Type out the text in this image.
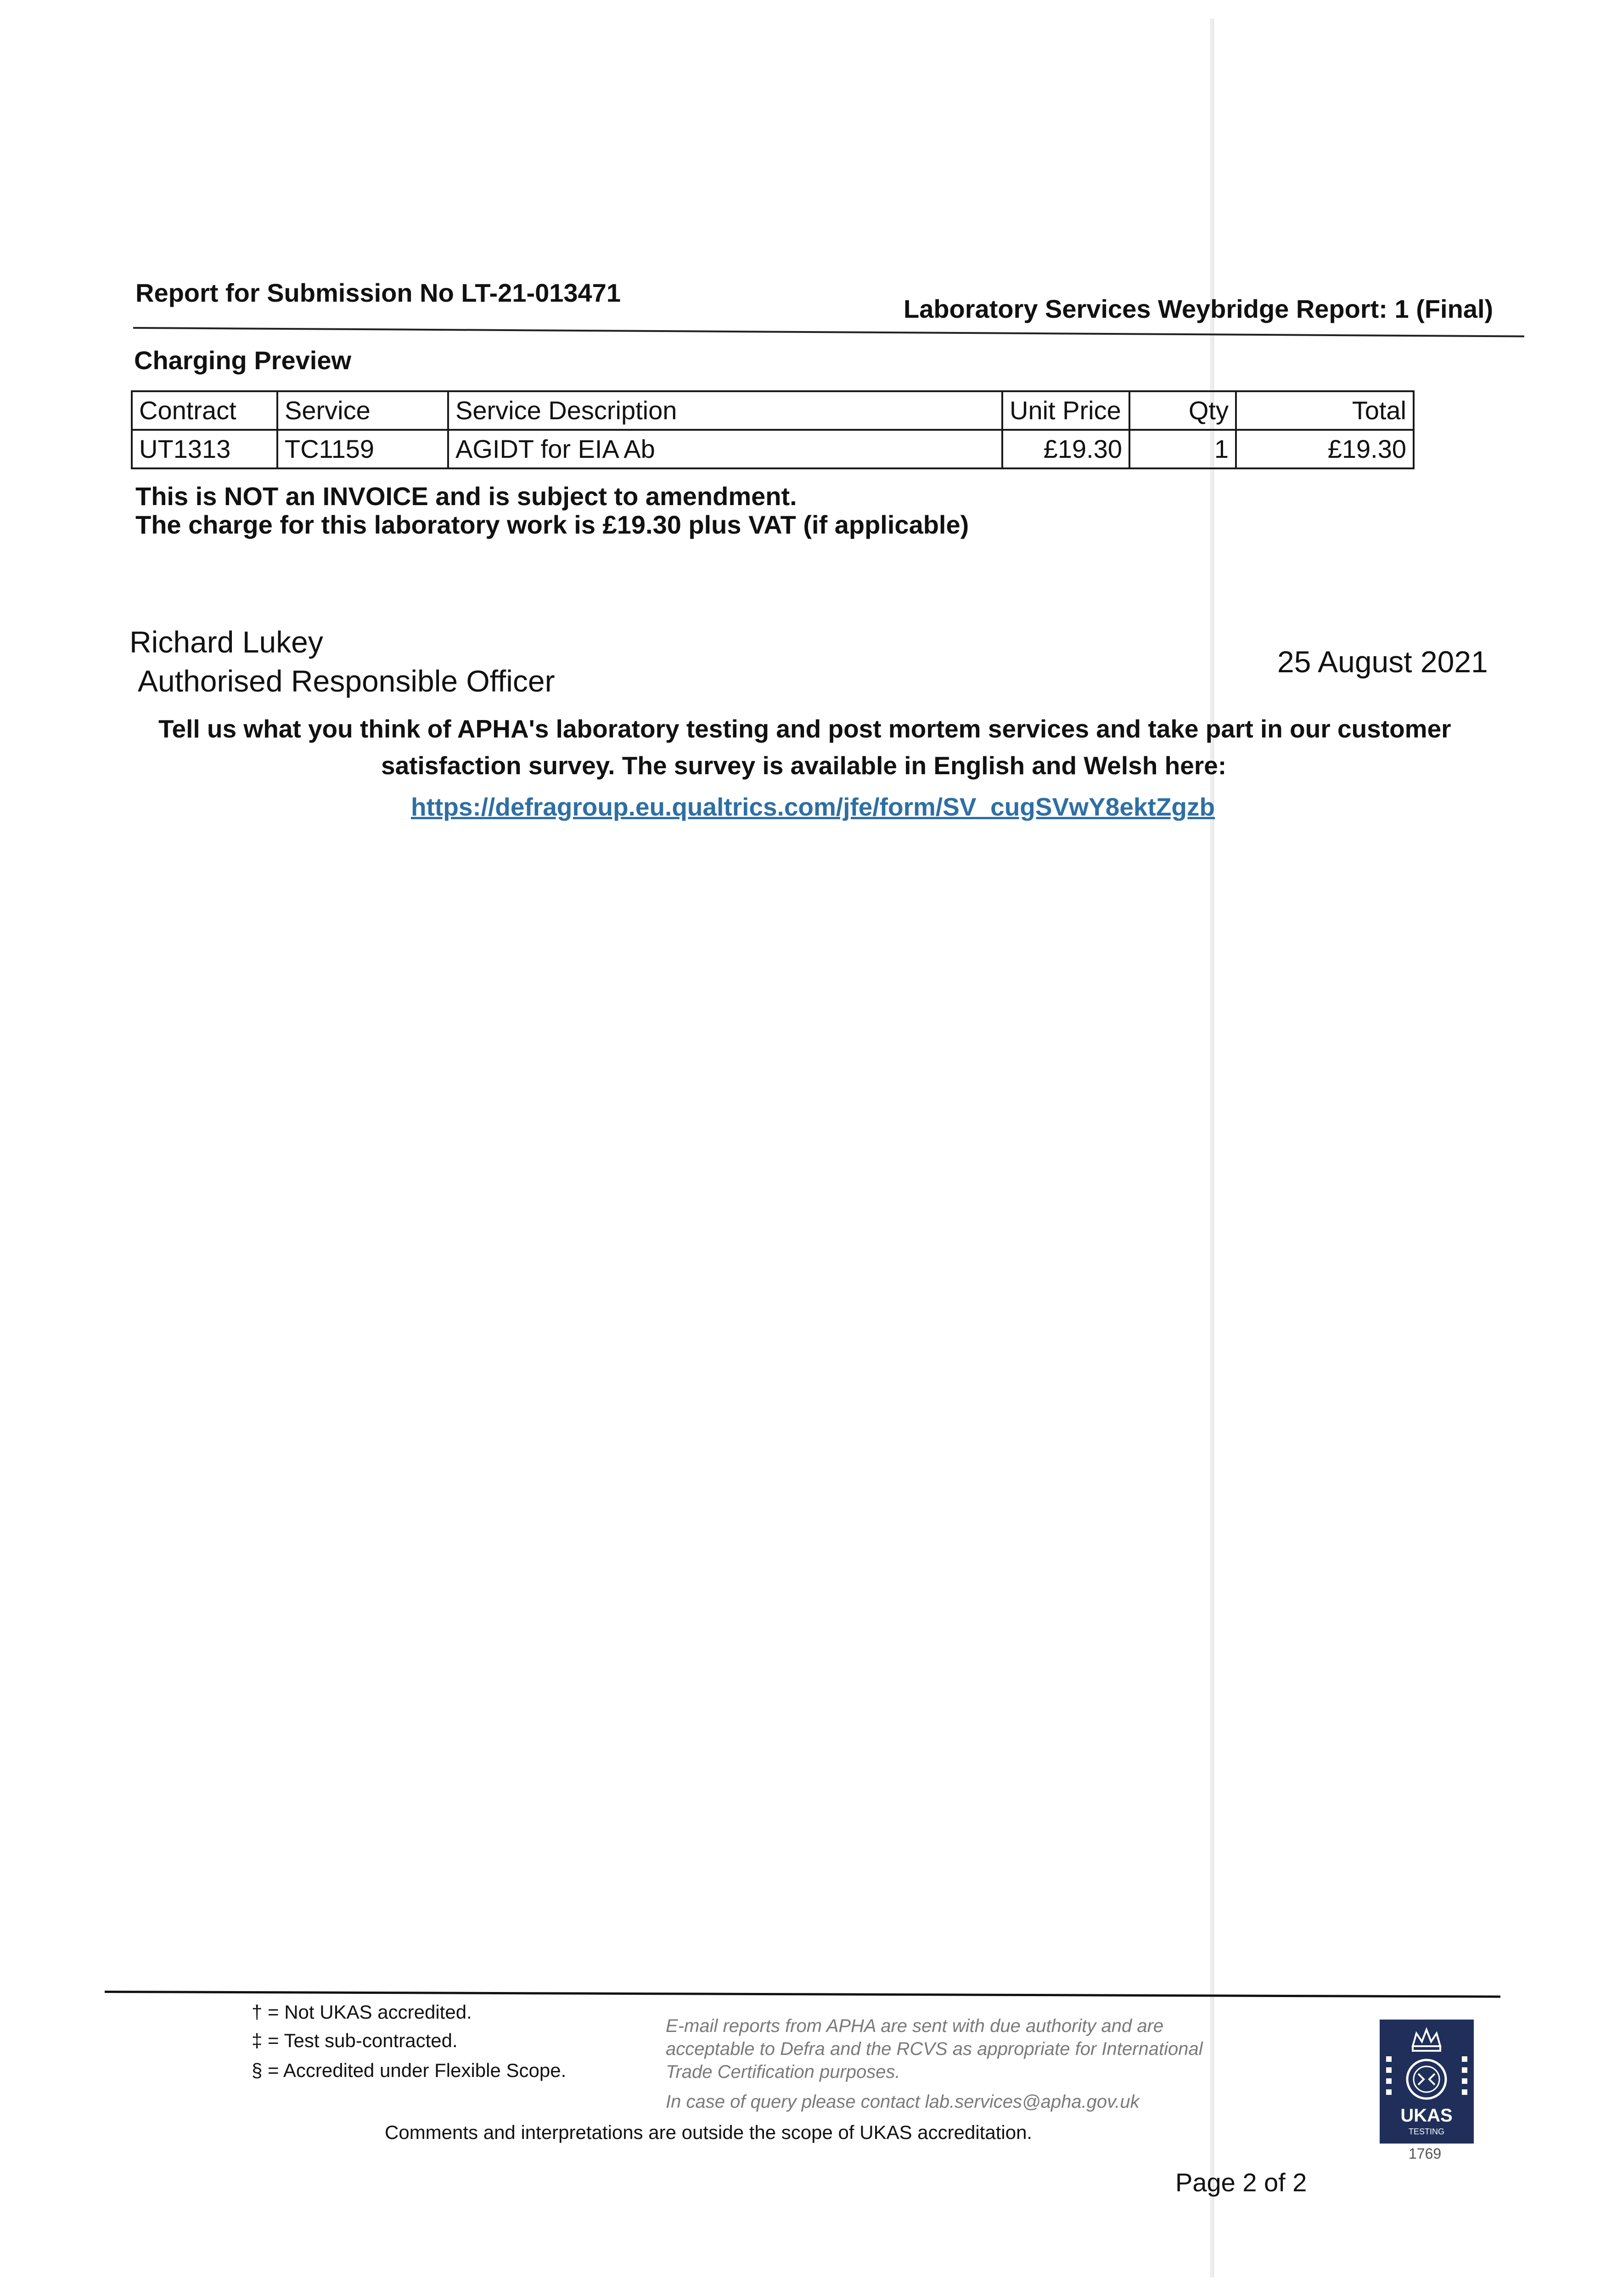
Report for Submission No LT-21-013471
Laboratory Services Weybridge Report: 1 (Final)
Charging Preview
Contract	Service	Service Description	Unit Price	Qty	Total
UT1313	TC1159	AGIDT for EIA Ab	£19.30	1	£19.30
This is NOT an INVOICE and is subject to amendment.
The charge for this laboratory work is £19.30 plus VAT (if applicable)
Richard Lukey
Authorised Responsible Officer
25 August 2021
Tell us what you think of APHA's laboratory testing and post mortem services and take part in our customer
satisfaction survey. The survey is available in English and Welsh here:
https://defragroup.eu.qualtrics.com/jfe/form/SV_cugSVwY8ektZgzb
† = Not UKAS accredited.
‡ = Test sub-contracted.
§ = Accredited under Flexible Scope.
E-mail reports from APHA are sent with due authority and are
acceptable to Defra and the RCVS as appropriate for International
Trade Certification purposes.
In case of query please contact lab.services@apha.gov.uk
Comments and interpretations are outside the scope of UKAS accreditation.
UKAS
TESTING
1769
Page 2 of 2
